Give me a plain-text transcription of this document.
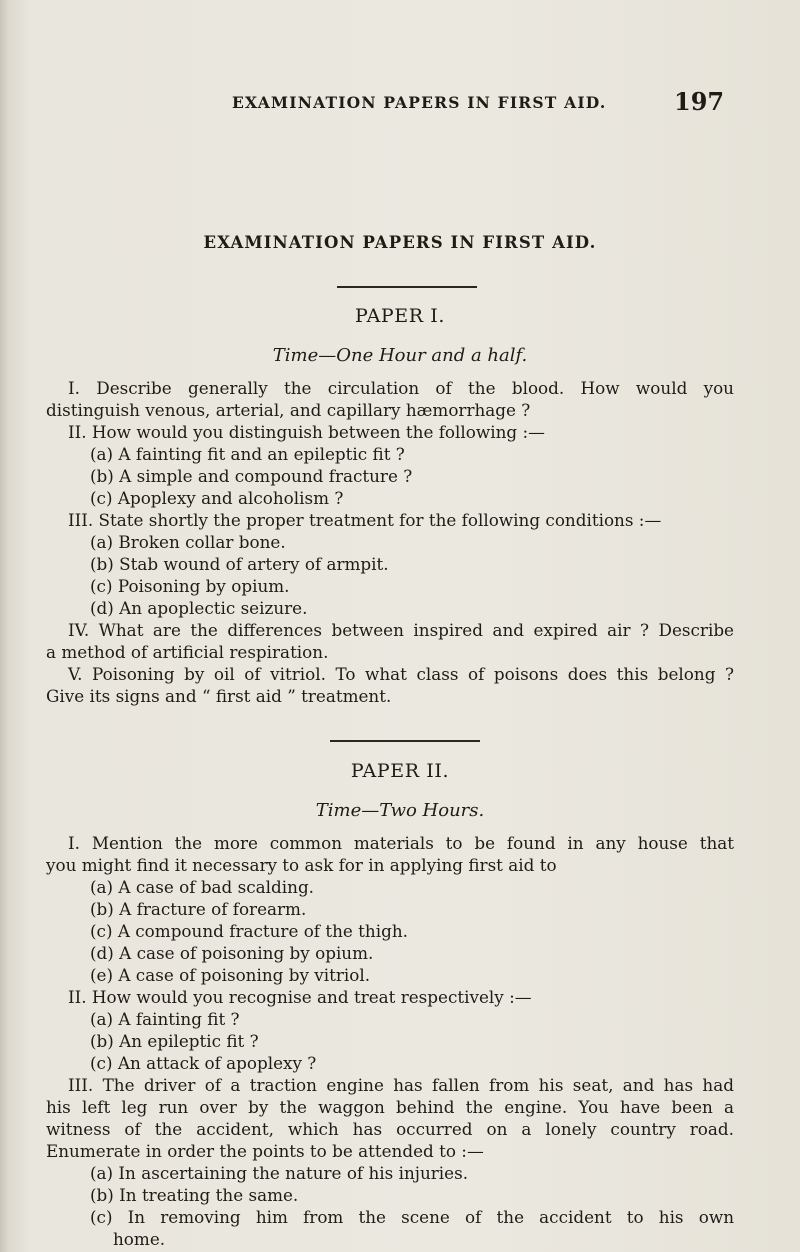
EXAMINATION PAPERS IN FIRST AID.	197
EXAMINATION PAPERS IN FIRST AID.
PAPER I.
Time—One Hour and a half.
I. Describe generally the circulation of the blood. How would you
distinguish venous, arterial, and capillary hæmorrhage ?
II. How would you distinguish between the following :—
(a) A fainting fit and an epileptic fit ?
(b) A simple and compound fracture ?
(c) Apoplexy and alcoholism ?
III. State shortly the proper treatment for the following conditions :—
(a) Broken collar bone.
(b) Stab wound of artery of armpit.
(c) Poisoning by opium.
(d) An apoplectic seizure.
IV. What are the differences between inspired and expired air ? Describe
a method of artificial respiration.
V. Poisoning by oil of vitriol. To what class of poisons does this belong ?
Give its signs and “ first aid ” treatment.
PAPER II.
Time—Two Hours.
I. Mention the more common materials to be found in any house that
you might find it necessary to ask for in applying first aid to
(a) A case of bad scalding.
(b) A fracture of forearm.
(c) A compound fracture of the thigh.
(d) A case of poisoning by opium.
(e) A case of poisoning by vitriol.
II. How would you recognise and treat respectively :—
(a) A fainting fit ?
(b) An epileptic fit ?
(c) An attack of apoplexy ?
III. The driver of a traction engine has fallen from his seat, and has had
his left leg run over by the waggon behind the engine. You have been a
witness of the accident, which has occurred on a lonely country road.
Enumerate in order the points to be attended to :—
(a) In ascertaining the nature of his injuries.
(b) In treating the same.
(c) In removing him from the scene of the accident to his own
home.
